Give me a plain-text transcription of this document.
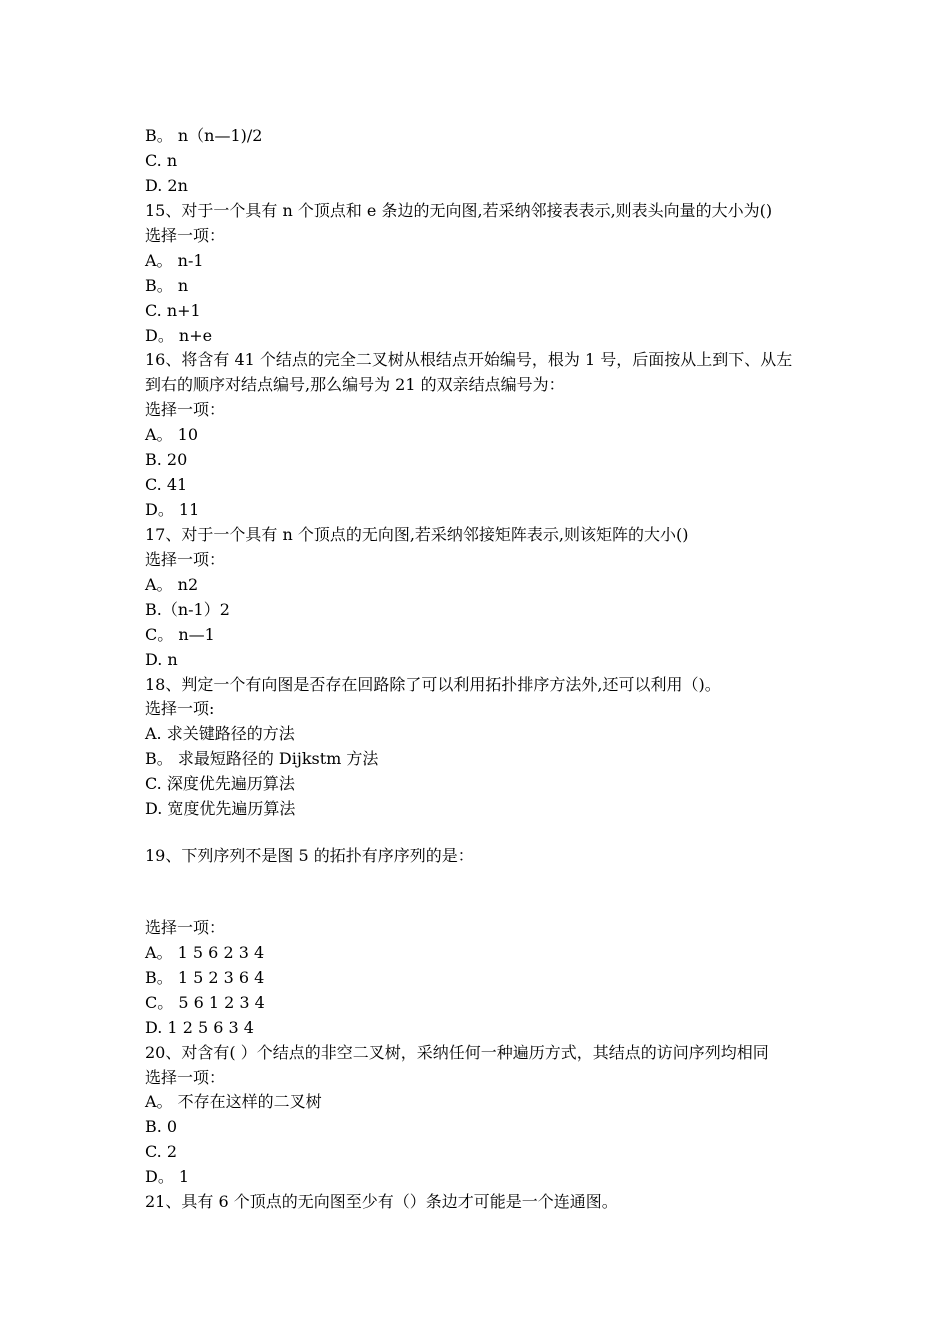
B。 n（n—1)/2
C. n
D. 2n
15、对于一个具有 n 个顶点和 e 条边的无向图,若采纳邻接表表示,则表头向量的大小为()
选择一项：
A。 n-1
B。 n
C. n+1
D。 n+e
16、将含有 41 个结点的完全二叉树从根结点开始编号，根为 1 号，后面按从上到下、从左
到右的顺序对结点编号,那么编号为 21 的双亲结点编号为：
选择一项：
A。 10
B. 20
C. 41
D。 11
17、对于一个具有 n 个顶点的无向图,若采纳邻接矩阵表示,则该矩阵的大小()
选择一项：
A。 n2
B.（n-1）2
C。 n—1
D. n
18、判定一个有向图是否存在回路除了可以利用拓扑排序方法外,还可以利用（)。
选择一项:
A. 求关键路径的方法
B。 求最短路径的 Dijkstm 方法
C. 深度优先遍历算法
D. 宽度优先遍历算法
19、下列序列不是图 5 的拓扑有序序列的是：
选择一项：
A。 1 5 6 2 3 4
B。 1 5 2 3 6 4
C。 5 6 1 2 3 4
D. 1 2 5 6 3 4
20、对含有( ）个结点的非空二叉树，采纳任何一种遍历方式，其结点的访问序列均相同
选择一项：
A。 不存在这样的二叉树
B. 0
C. 2
D。 1
21、具有 6 个顶点的无向图至少有（）条边才可能是一个连通图。
